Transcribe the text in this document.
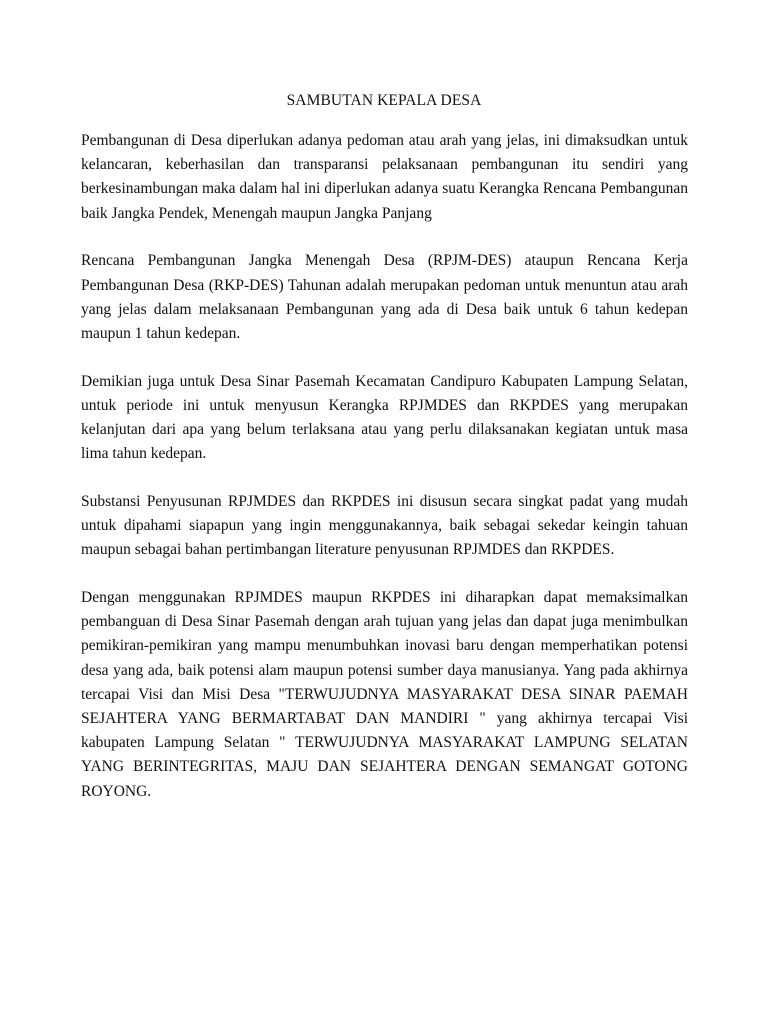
SAMBUTAN KEPALA DESA

Pembangunan di Desa diperlukan adanya pedoman atau arah yang jelas, ini dimaksudkan untuk kelancaran, keberhasilan dan transparansi pelaksanaan pembangunan itu sendiri yang berkesinambungan maka dalam hal ini diperlukan adanya suatu Kerangka Rencana Pembangunan baik Jangka Pendek, Menengah maupun Jangka Panjang

Rencana Pembangunan Jangka Menengah Desa (RPJM-DES) ataupun Rencana Kerja Pembangunan Desa (RKP-DES) Tahunan adalah merupakan pedoman untuk menuntun atau arah yang jelas dalam melaksanaan Pembangunan yang ada di Desa baik untuk 6 tahun kedepan maupun 1 tahun kedepan.

Demikian juga untuk Desa Sinar Pasemah Kecamatan Candipuro Kabupaten Lampung Selatan, untuk periode ini untuk menyusun Kerangka RPJMDES dan RKPDES yang merupakan kelanjutan dari apa yang belum terlaksana atau yang perlu dilaksanakan kegiatan untuk masa lima tahun kedepan.

Substansi Penyusunan RPJMDES dan RKPDES ini disusun secara singkat padat yang mudah untuk dipahami siapapun yang ingin menggunakannya, baik sebagai sekedar keingin tahuan maupun sebagai bahan pertimbangan literature penyusunan RPJMDES dan RKPDES.

Dengan menggunakan RPJMDES maupun RKPDES ini diharapkan dapat memaksimalkan pembanguan di Desa Sinar Pasemah dengan arah tujuan yang jelas dan dapat juga menimbulkan pemikiran-pemikiran yang mampu menumbuhkan inovasi baru dengan memperhatikan potensi desa yang ada, baik potensi alam maupun potensi sumber daya manusianya. Yang pada akhirnya tercapai Visi dan Misi Desa "TERWUJUDNYA MASYARAKAT DESA SINAR PAEMAH SEJAHTERA YANG BERMARTABAT DAN MANDIRI " yang akhirnya tercapai Visi kabupaten Lampung Selatan " TERWUJUDNYA MASYARAKAT LAMPUNG SELATAN YANG BERINTEGRITAS, MAJU DAN SEJAHTERA DENGAN SEMANGAT GOTONG ROYONG.
